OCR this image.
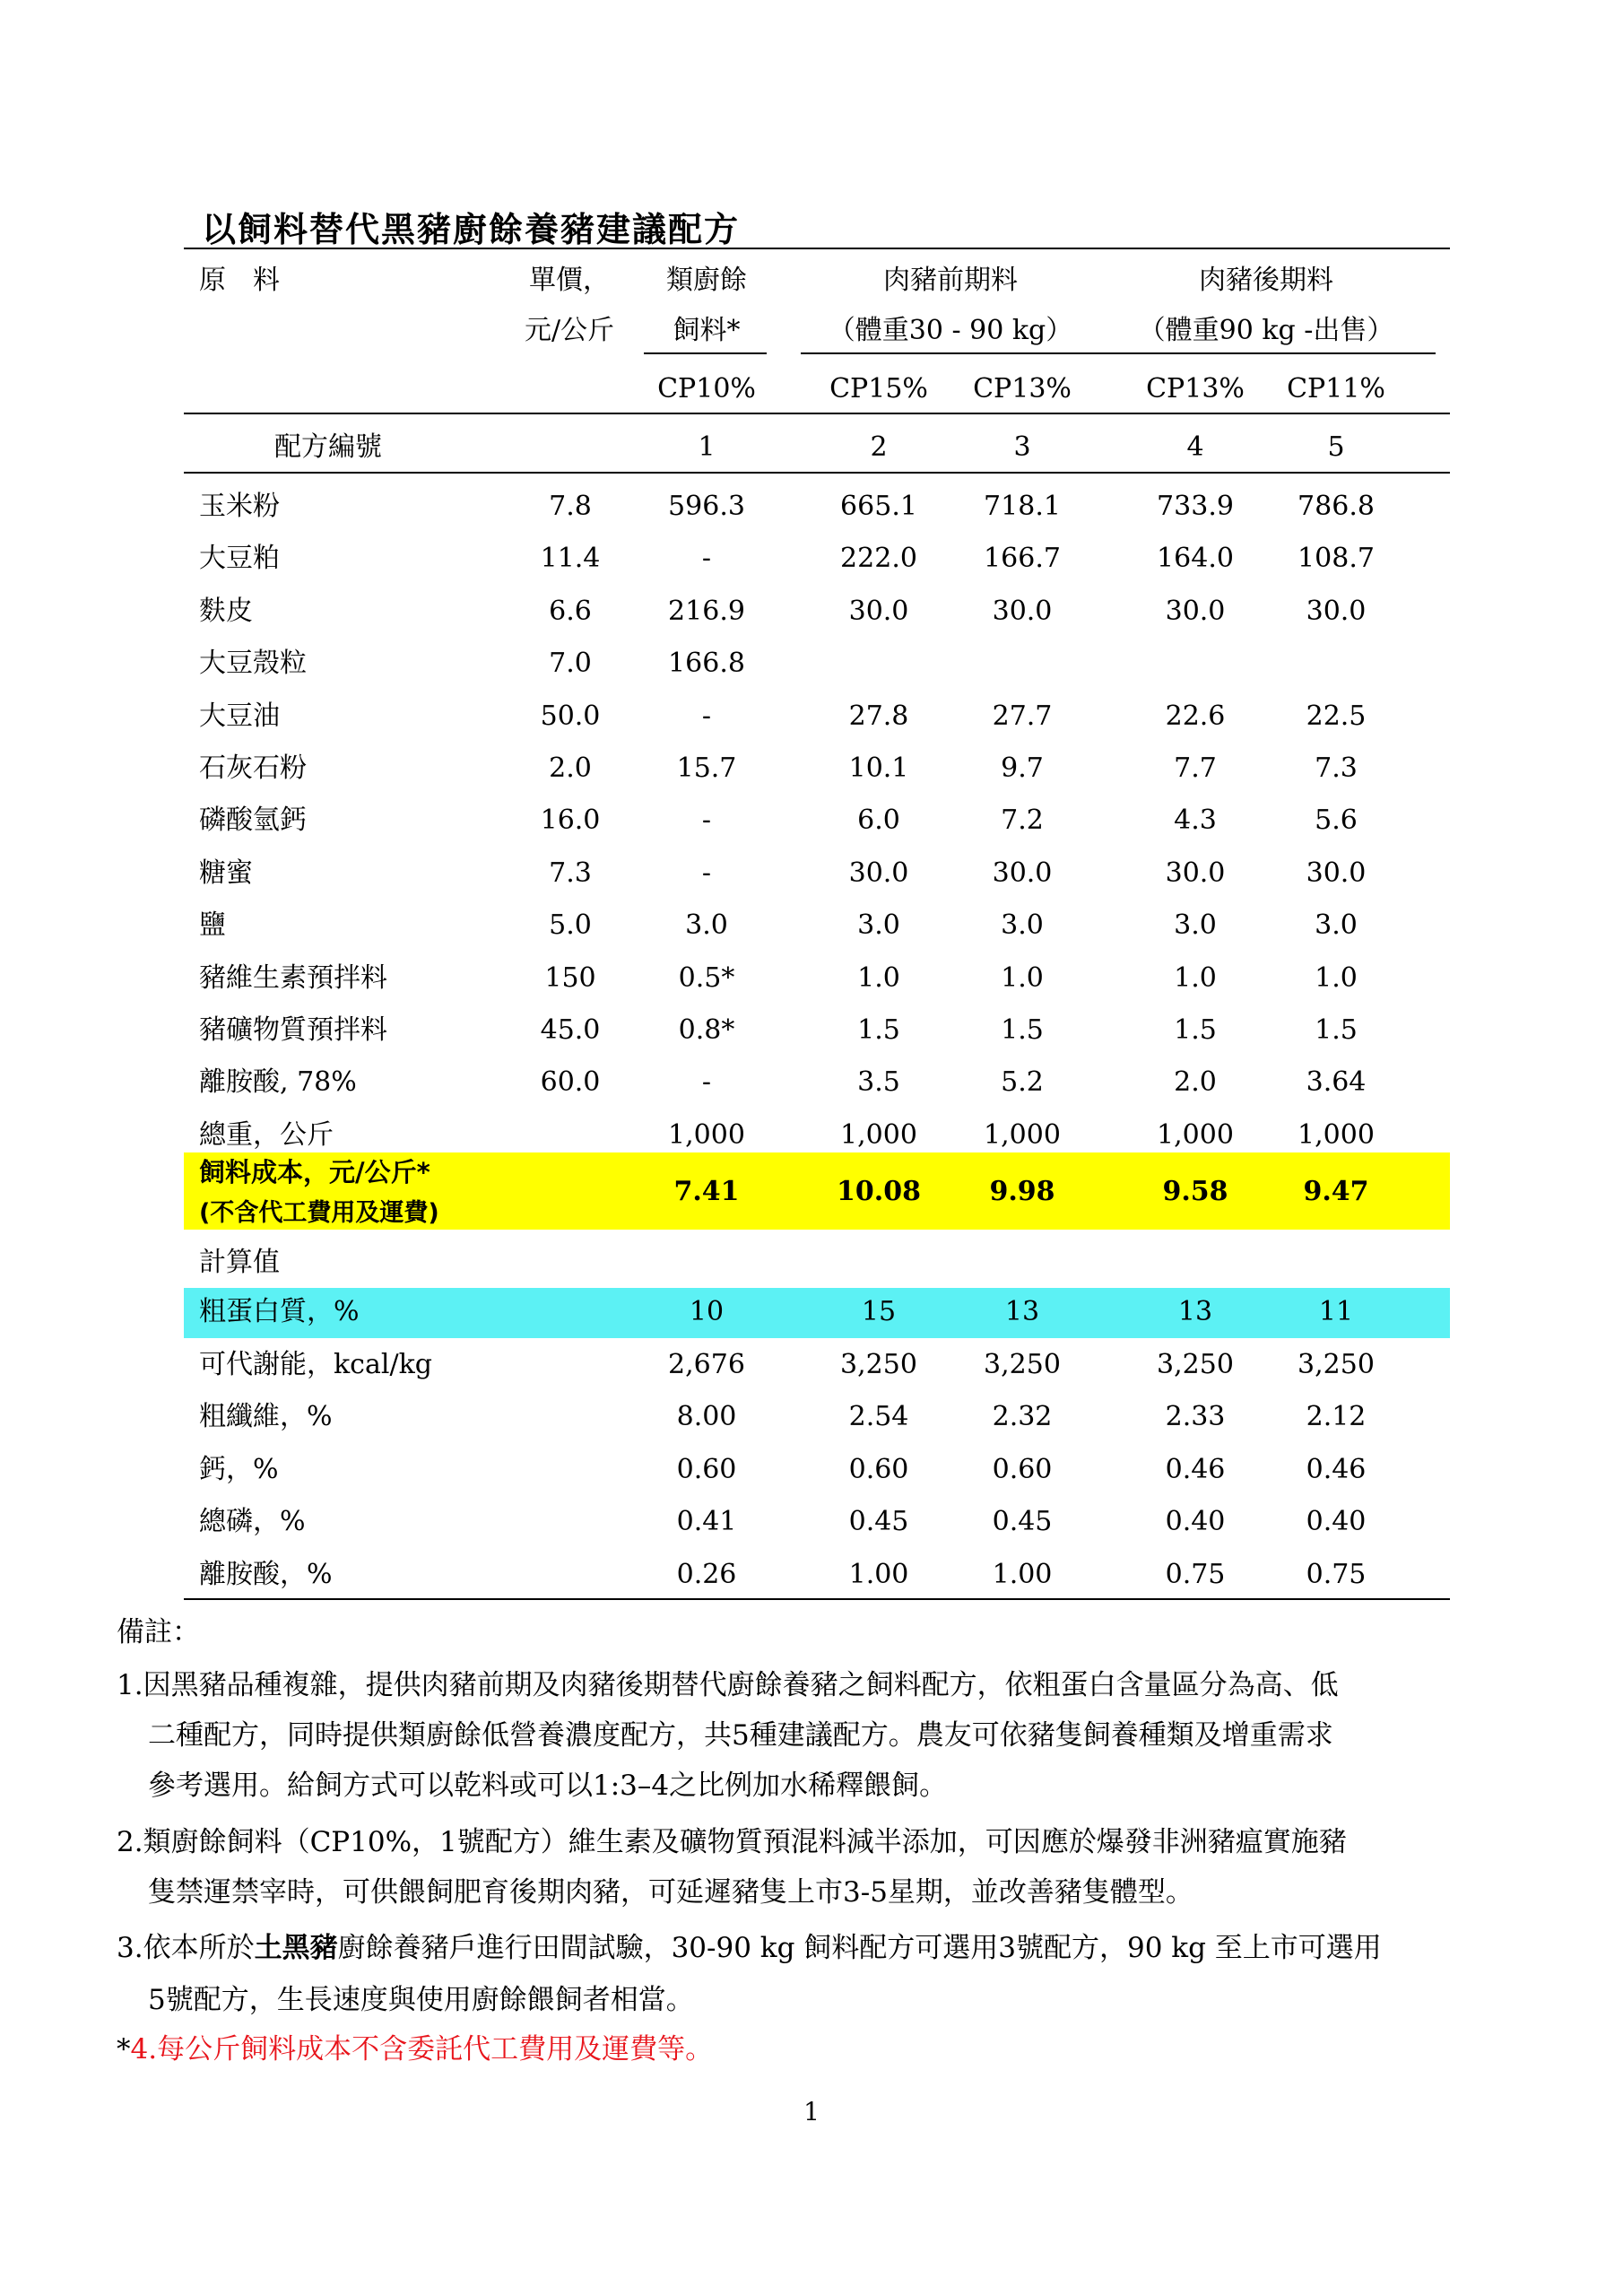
以飼料替代黑豬廚餘養豬建議配方
原　料	單價，
元/公斤
類廚餘
飼料*
肉豬前期料
（體重30 - 90 kg）
肉豬後期料
（體重90 kg -出售）
CP10%	CP15% CP13%	CP13% CP11%
配方編號	1	2	3	4	5
玉米粉	7.8	596.3	665.1 718.1	733.9 786.8
大豆粕	11.4	-	222.0 166.7	164.0 108.7
麩皮	6.6	216.9	30.0	30.0	30.0	30.0
大豆殼粒	7.0	166.8
大豆油	50.0	-	27.8	27.7	22.6	22.5
石灰石粉	2.0	15.7	10.1	9.7	7.7	7.3
磷酸氫鈣	16.0	-	6.0	7.2	4.3	5.6
糖蜜	7.3	-	30.0	30.0	30.0	30.0
鹽	5.0	3.0	3.0	3.0	3.0	3.0
豬維生素預拌料	150	0.5*	1.0	1.0	1.0	1.0
豬礦物質預拌料	45.0	0.8*	1.5	1.5	1.5	1.5
離胺酸, 78%	60.0	-	3.5	5.2	2.0	3.64
總重，公斤	1,000	1,000 1,000	1,000 1,000
飼料成本，元/公斤*
(不含代工費用及運費)
7.41	10.08	9.98	9.58	9.47
計算值
粗蛋白質，%	10	15	13	13	11
可代謝能，kcal/kg	2,676	3,250 3,250	3,250 3,250
粗纖維，%	8.00	2.54	2.32	2.33	2.12
鈣，%	0.60	0.60	0.60	0.46	0.46
總磷，%	0.41	0.45	0.45	0.40	0.40
離胺酸，%	0.26	1.00	1.00	0.75	0.75
備註：
1.因黑豬品種複雜，提供肉豬前期及肉豬後期替代廚餘養豬之飼料配方，依粗蛋白含量區分為高、低
二種配方，同時提供類廚餘低營養濃度配方，共5種建議配方。農友可依豬隻飼養種類及增重需求
參考選用。給飼方式可以乾料或可以1:3–4之比例加水稀釋餵飼。
2.類廚餘飼料（CP10%，1號配方）維生素及礦物質預混料減半添加，可因應於爆發非洲豬瘟實施豬
隻禁運禁宰時，可供餵飼肥育後期肉豬，可延遲豬隻上市3-5星期，並改善豬隻體型。
3.依本所於土黑豬廚餘養豬戶進行田間試驗，30-90 kg 飼料配方可選用3號配方，90 kg 至上市可選用
5號配方，生長速度與使用廚餘餵飼者相當。
*4.每公斤飼料成本不含委託代工費用及運費等。
1
